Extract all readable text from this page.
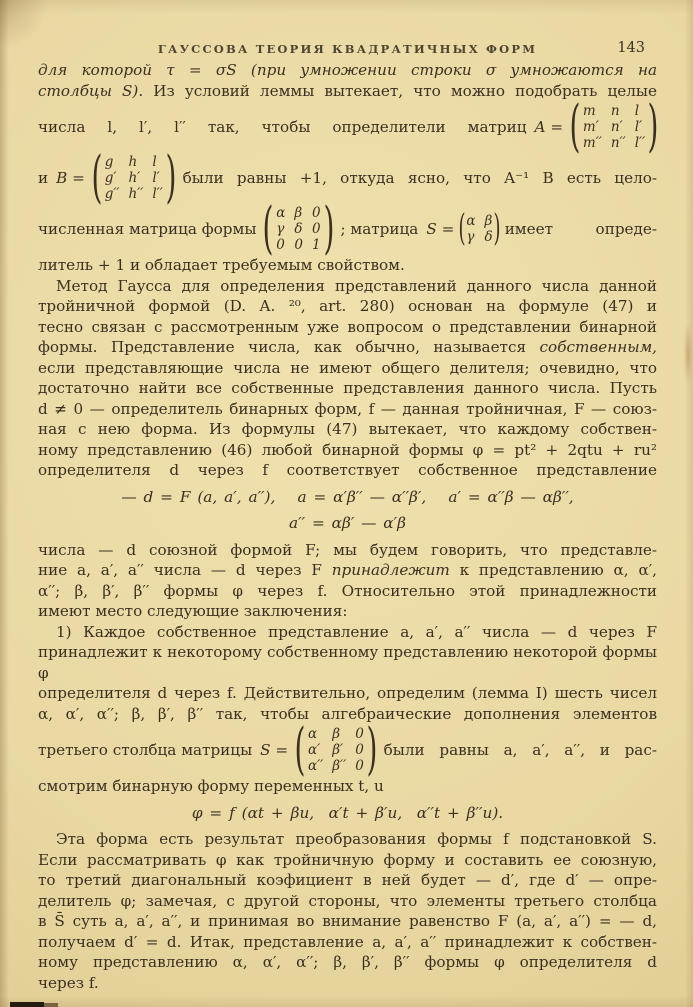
ГАУССОВА ТЕОРИЯ КВАДРАТИЧНЫХ ФОРМ	143
для которой τ = σS (при умножении строки σ умножаются на
столбцы S). Из условий леммы вытекает, что можно подобрать целые
числа l, l′, l′′ так, чтобы определители матриц A = ( m n l
m′ n′ l′
m′′ n′′ l′′ )
и B = ( g h l
g′ h′ l′
g′′ h′′ l′′ ) были равны +1, откуда ясно, что A⁻¹ B есть цело-
численная матрица формы ( α β 0
γ δ 0
0 0 1 ) ; матрица S = ( α β
γ δ ) имеет опреде-
литель + 1 и обладает требуемым свойством.
Метод Гаусса для определения представлений данного числа данной
тройничной формой (D. A. ²⁰, art. 280) основан на формуле (47) и
тесно связан с рассмотренным уже вопросом о представлении бинарной
формы. Представление числа, как обычно, называется собственным,
если представляющие числа не имеют общего делителя; очевидно, что
достаточно найти все собственные представления данного числа. Пусть
d ≠ 0 — определитель бинарных форм, f — данная тройничная, F — союз-
ная с нею форма. Из формулы (47) вытекает, что каждому собствен-
ному представлению (46) любой бинарной формы φ = pt² + 2qtu + ru²
определителя d через f соответствует собственное представление
— d = F (a, a′, a′′),  a = α′β′′ — α′′β′,  a′ = α′′β — αβ′′,
a′′ = αβ′ — α′β
числа — d союзной формой F; мы будем говорить, что представле-
ние a, a′, a′′ числа — d через F принадлежит к представлению α, α′,
α′′; β, β′, β′′ формы φ через f. Относительно этой принадлежности
имеют место следующие заключения:
1) Каждое собственное представление a, a′, a′′ числа — d через F
принадлежит к некоторому собственному представлению некоторой формы φ
определителя d через f. Действительно, определим (лемма I) шесть чисел
α, α′, α′′; β, β′, β′′ так, чтобы алгебраические дополнения элементов
третьего столбца матрицы S = ( α β 0
α′ β′ 0
α′′ β′′ 0 ) были равны a, a′, a′′, и рас-
смотрим бинарную форму переменных t, u
φ = f (αt + βu,  α′t + β′u,  α′′t + β′′u).
Эта форма есть результат преобразования формы f подстановкой S.
Если рассматривать φ как тройничную форму и составить ее союзную,
то третий диагональный коэфициент в ней будет — d′, где d′ — опре-
делитель φ; замечая, с другой стороны, что элементы третьего столбца
в S̄ суть a, a′, a′′, и принимая во внимание равенство F (a, a′, a′′) = — d,
получаем d′ = d. Итак, представление a, a′, a′′ принадлежит к собствен-
ному представлению α, α′, α′′; β, β′, β′′ формы φ определителя d
через f.
